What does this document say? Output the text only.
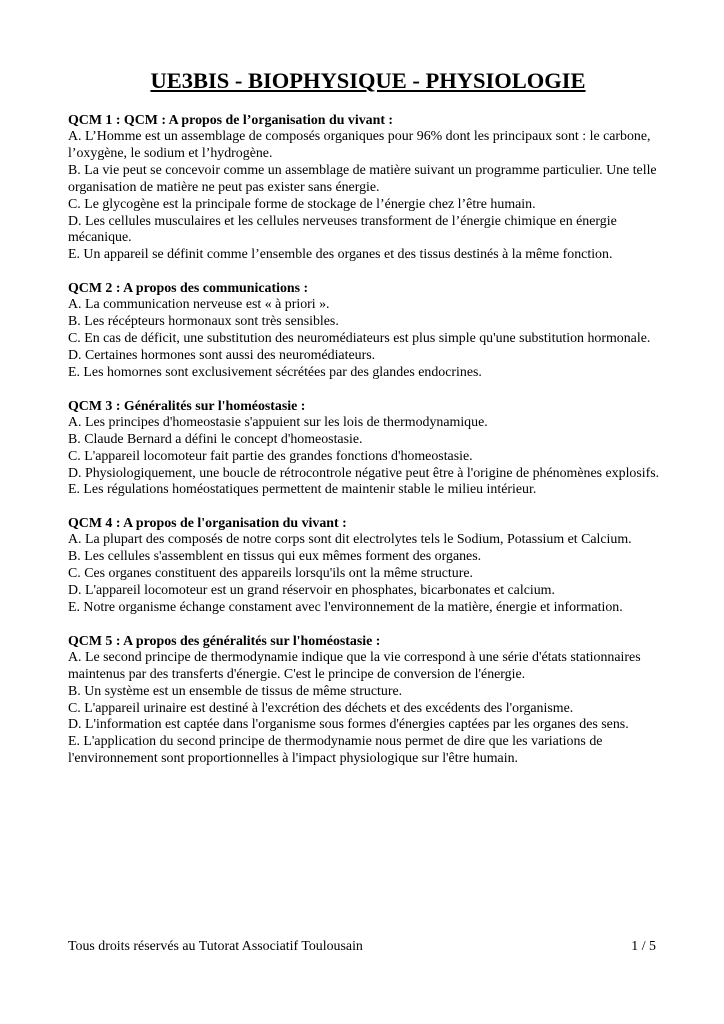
UE3BIS - BIOPHYSIQUE - PHYSIOLOGIE
QCM 1 : QCM : A propos de l’organisation du vivant :
A. L’Homme est un assemblage de composés organiques pour 96% dont les principaux sont : le carbone, l’oxygène, le sodium et l’hydrogène.
B. La vie peut se concevoir comme un assemblage de matière suivant un programme particulier. Une telle organisation de matière ne peut pas exister sans énergie.
C. Le glycogène est la principale forme de stockage de l’énergie chez l’être humain.
D. Les cellules musculaires et les cellules nerveuses transforment de l’énergie chimique en énergie mécanique.
E. Un appareil se définit comme l’ensemble des organes et des tissus destinés à la même fonction.
QCM 2 : A propos des communications :
A. La communication nerveuse est « à priori ».
B. Les récépteurs hormonaux sont très sensibles.
C. En cas de déficit, une substitution des neuromédiateurs est plus simple qu'une substitution hormonale.
D. Certaines hormones sont aussi des neuromédiateurs.
E. Les homornes sont exclusivement sécrétées par des glandes endocrines.
QCM 3 : Généralités sur l'homéostasie :
A. Les principes d'homeostasie s'appuient sur les lois de thermodynamique.
B. Claude Bernard a défini le concept d'homeostasie.
C. L'appareil locomoteur fait partie des grandes fonctions d'homeostasie.
D. Physiologiquement, une boucle de rétrocontrole négative peut être à l'origine de phénomènes explosifs.
E. Les régulations homéostatiques permettent de maintenir stable le milieu intérieur.
QCM 4 : A propos de l'organisation du vivant :
A. La plupart des composés de notre corps sont dit electrolytes tels le Sodium, Potassium et Calcium.
B. Les cellules s'assemblent en tissus qui eux mêmes forment des organes.
C. Ces organes constituent des appareils lorsqu'ils ont la même structure.
D. L'appareil locomoteur est un grand réservoir en phosphates, bicarbonates et calcium.
E. Notre organisme échange constament avec l'environnement de la matière, énergie et information.
QCM 5 : A propos des généralités sur l'homéostasie :
A. Le second principe de thermodynamie indique que la vie correspond à une série d'états stationnaires maintenus par des transferts d'énergie. C'est le principe de conversion de l'énergie.
B. Un système est un ensemble de tissus de même structure.
C. L'appareil urinaire est destiné à l'excrétion des déchets et des excédents des l'organisme.
D. L'information est captée dans l'organisme sous formes d'énergies captées par les organes des sens.
E. L'application du second principe de thermodynamie nous permet de dire que les variations de l'environnement sont proportionnelles à l'impact physiologique sur l'être humain.
Tous droits réservés au Tutorat Associatif Toulousain	1 / 5
